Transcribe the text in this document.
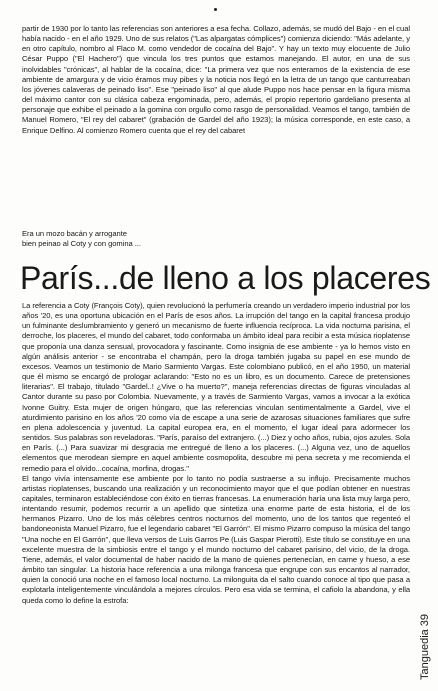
partir de 1930 por lo tanto las referencias son anteriores a esa fecha. Collazo, además, se mudó del Bajo - en el cual había nacido - en el año 1929. Uno de sus relatos ("Las alpargatas cómplices") comienza diciendo: "Más adelante, y en otro capítulo, nombro al Flaco M. como vendedor de cocaína del Bajo". Y hay un texto muy elocuente de Julio César Puppo ("El Hachero") que vincula los tres puntos que estamos manejando. El autor, en una de sus inolvidables "crónicas", al hablar de la cocaína, dice: "La primera vez que nos enteramos de la existencia de ese ambiente de amargura y de vicio éramos muy pibes y la noticia nos llegó en la letra de un tango que canturreaban los jóvenes calaveras de peinado liso". Ese "peinado liso" al que alude Puppo nos hace pensar en la figura misma del máximo cantor con su clásica cabeza engominada, pero, además, el propio repertorio gardeliano presenta al personaje que exhibe el peinado a la gomina con orgullo como rasgo de personalidad. Veamos el tango, también de Manuel Romero, "El rey del cabaret" (grabación de Gardel del año 1923); la música corresponde, en este caso, a Enrique Delfino. Al comienzo Romero cuenta que el rey del cabaret

Era un mozo bacán y arrogante

bien peinao al Coty y con gomina ...

París...de lleno a los placeres

La referencia a Coty (François Coty), quien revolucionó la perfumería creando un verdadero imperio industrial por los años '20, es una oportuna ubicación en el París de esos años. La irrupción del tango en la capital francesa produjo un fulminante deslumbramiento y generó un mecanismo de fuerte influencia recíproca. La vida nocturna parisina, el derroche, los placeres, el mundo del cabaret, todo conformaba un ámbito ideal para recibir a esta música rioplatense que proponía una danza sensual, provocadora y fascinante. Como insignia de ese ambiente - ya lo hemos visto en algún análisis anterior - se encontraba el champán, pero la droga también jugaba su papel en ese mundo de excesos. Veamos un testimonio de Mario Sarmiento Vargas. Este colombiano publicó, en el año 1950, un material que él mismo se encargó de prologar aclarando: "Esto no es un libro, es un documento. Carece de pretensiones literarias". El trabajo, titulado "Gardel..! ¿Vive o ha muerto?", maneja referencias directas de figuras vinculadas al Cantor durante su paso por Colombia. Nuevamente, y a través de Sarmiento Vargas, vamos a invocar a la exótica Ivonne Guitry. Esta mujer de origen húngaro, que las referencias vinculan sentimentalmente a Gardel, vive el aturdimiento parisino en los años '20 como vía de escape a una serie de azarosas situaciones familiares que sufre en plena adolescencia y juventud. La capital europea era, en el momento, el lugar ideal para adormecer los sentidos. Sus palabras son reveladoras. "París, paraíso del extranjero. (...) Diez y ocho años, rubia, ojos azules. Sola en París. (...) Para suavizar mi desgracia me entregué de lleno a los placeres. (...) Alguna vez, uno de aquellos elementos que merodean siempre en aquel ambiente cosmopolita, descubre mi pena secreta y me recomienda el remedio para el olvido...cocaína, morfina, drogas."

El tango vivía intensamente ese ambiente por lo tanto no podía sustraerse a su influjo. Precisamente muchos artistas rioplatenses, buscando una realización y un reconocimiento mayor que el que podían obtener en nuestras capitales, terminaron estableciéndose con éxito en tierras francesas. La enumeración haría una lista muy larga pero, intentando resumir, podemos recurrir a un apellido que sintetiza una enorme parte de esta historia, el de los hermanos Pizarro. Uno de los más célebres centros nocturnos del momento, uno de los tantos que regenteó el bandoneonista Manuel Pizarro, fue el legendario cabaret "El Garrón". El mismo Pizarro compuso la música del tango "Una noche en El Garrón", que lleva versos de Luis Garros Pe (Luis Gaspar Pierotti). Este título se constituye en una excelente muestra de la simbiosis entre el tango y el mundo nocturno del cabaret parisino, del vicio, de la droga. Tiene, además, el valor documental de haber nacido de la mano de quienes pertenecían, en carne y hueso, a ese ámbito tan singular. La historia hace referencia a una milonga francesa que engrupe con sus encantos al narrador, quien la conoció una noche en el famoso local nocturno. La milonguita da el salto cuando conoce al tipo que pasa a explotarla inteligentemente vinculándola a mejores círculos. Pero esa vida se termina, el cafiolo la abandona, y ella queda como lo define la estrofa:

Tanguedia39
